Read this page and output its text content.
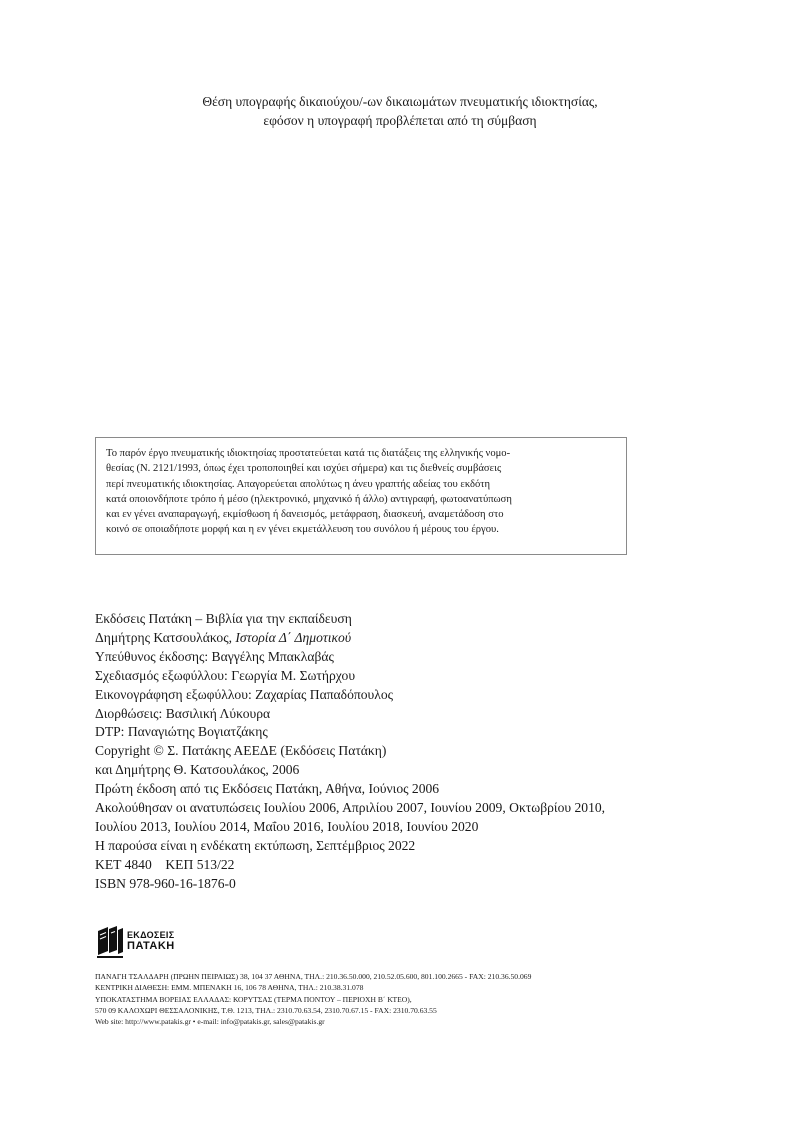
Θέση υπογραφής δικαιούχου/-ων δικαιωμάτων πνευματικής ιδιοκτησίας,
εφόσον η υπογραφή προβλέπεται από τη σύμβαση
Το παρόν έργο πνευματικής ιδιοκτησίας προστατεύεται κατά τις διατάξεις της ελληνικής νομο-
θεσίας (Ν. 2121/1993, όπως έχει τροποποιηθεί και ισχύει σήμερα) και τις διεθνείς συμβάσεις
περί πνευματικής ιδιοκτησίας. Απαγορεύεται απολύτως η άνευ γραπτής αδείας του εκδότη
κατά οποιονδήποτε τρόπο ή μέσο (ηλεκτρονικό, μηχανικό ή άλλο) αντιγραφή, φωτοανατύπωση
και εν γένει αναπαραγωγή, εκμίσθωση ή δανεισμός, μετάφραση, διασκευή, αναμετάδοση στο
κοινό σε οποιαδήποτε μορφή και η εν γένει εκμετάλλευση του συνόλου ή μέρους του έργου.
Εκδόσεις Πατάκη – Βιβλία για την εκπαίδευση
Δημήτρης Κατσουλάκος, Ιστορία Δ΄ Δημοτικού
Υπεύθυνος έκδοσης: Βαγγέλης Μπακλαβάς
Σχεδιασμός εξωφύλλου: Γεωργία Μ. Σωτήρχου
Εικονογράφηση εξωφύλλου: Ζαχαρίας Παπαδόπουλος
Διορθώσεις: Βασιλική Λύκουρα
DTP: Παναγιώτης Βογιατζάκης
Copyright © Σ. Πατάκης ΑΕΕΔΕ (Εκδόσεις Πατάκη)
και Δημήτρης Θ. Κατσουλάκος, 2006
Πρώτη έκδοση από τις Εκδόσεις Πατάκη, Αθήνα, Ιούνιος 2006
Ακολούθησαν οι ανατυπώσεις Ιουλίου 2006, Απριλίου 2007, Ιουνίου 2009, Οκτωβρίου 2010,
Ιουλίου 2013, Ιουλίου 2014, Μαΐου 2016, Ιουλίου 2018, Ιουνίου 2020
Η παρούσα είναι η ενδέκατη εκτύπωση, Σεπτέμβριος 2022
ΚΕΤ 4840    ΚΕΠ 513/22
ISBN 978-960-16-1876-0
ΕΚΔΟΣΕΙΣ
ΠΑΤΑΚΗ
ΠΑΝΑΓΗ ΤΣΑΛΔΑΡΗ (ΠΡΩΗΝ ΠΕΙΡΑΙΩΣ) 38, 104 37 ΑΘΗΝΑ, ΤΗΛ.: 210.36.50.000, 210.52.05.600, 801.100.2665 - FAX: 210.36.50.069
ΚΕΝΤΡΙΚΗ ΔΙΑΘΕΣΗ: ΕΜΜ. ΜΠΕΝΑΚΗ 16, 106 78 ΑΘΗΝΑ, ΤΗΛ.: 210.38.31.078
ΥΠΟΚΑΤΑΣΤΗΜΑ ΒΟΡΕΙΑΣ ΕΛΛΑΔΑΣ: ΚΟΡΥΤΣΑΣ (ΤΕΡΜΑ ΠΟΝΤΟΥ – ΠΕΡΙΟΧΗ Β΄ ΚΤΕΟ),
570 09 ΚΑΛΟΧΩΡΙ ΘΕΣΣΑΛΟΝΙΚΗΣ, Τ.Θ. 1213, ΤΗΛ.: 2310.70.63.54, 2310.70.67.15 - FAX: 2310.70.63.55
Web site: http://www.patakis.gr • e-mail: info@patakis.gr, sales@patakis.gr
